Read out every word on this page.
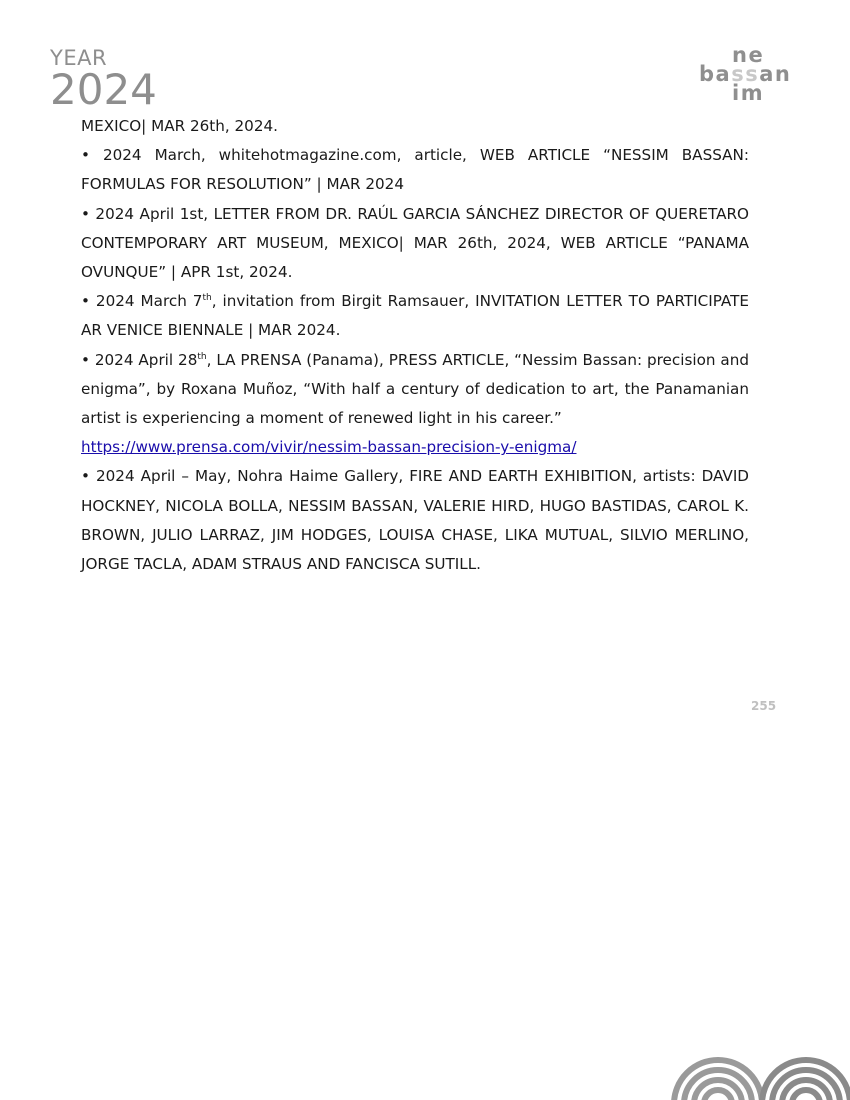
YEAR
2024
ne
bassan
im

MEXICO| MAR 26th, 2024.

• 2024 March, whitehotmagazine.com, article, WEB ARTICLE “NESSIM BASSAN: FORMULAS FOR RESOLUTION” | MAR 2024

• 2024 April 1st, LETTER FROM DR. RAÚL GARCIA SÁNCHEZ DIRECTOR OF QUERETARO CONTEMPORARY ART MUSEUM, MEXICO| MAR 26th, 2024, WEB ARTICLE “PANAMA OVUNQUE” | APR 1st, 2024.

• 2024 March 7th, invitation from Birgit Ramsauer, INVITATION LETTER TO PARTICIPATE AR VENICE BIENNALE | MAR 2024.

• 2024 April 28th, LA PRENSA (Panama), PRESS ARTICLE, “Nessim Bassan: precision and enigma”, by Roxana Muñoz, “With half a century of dedication to art, the Panamanian artist is experiencing a moment of renewed light in his career.”
https://www.prensa.com/vivir/nessim-bassan-precision-y-enigma/

• 2024 April – May, Nohra Haime Gallery, FIRE AND EARTH EXHIBITION, artists: DAVID HOCKNEY, NICOLA BOLLA, NESSIM BASSAN, VALERIE HIRD, HUGO BASTIDAS, CAROL K. BROWN, JULIO LARRAZ, JIM HODGES, LOUISA CHASE, LIKA MUTUAL, SILVIO MERLINO, JORGE TACLA, ADAM STRAUS AND FANCISCA SUTILL.

255
